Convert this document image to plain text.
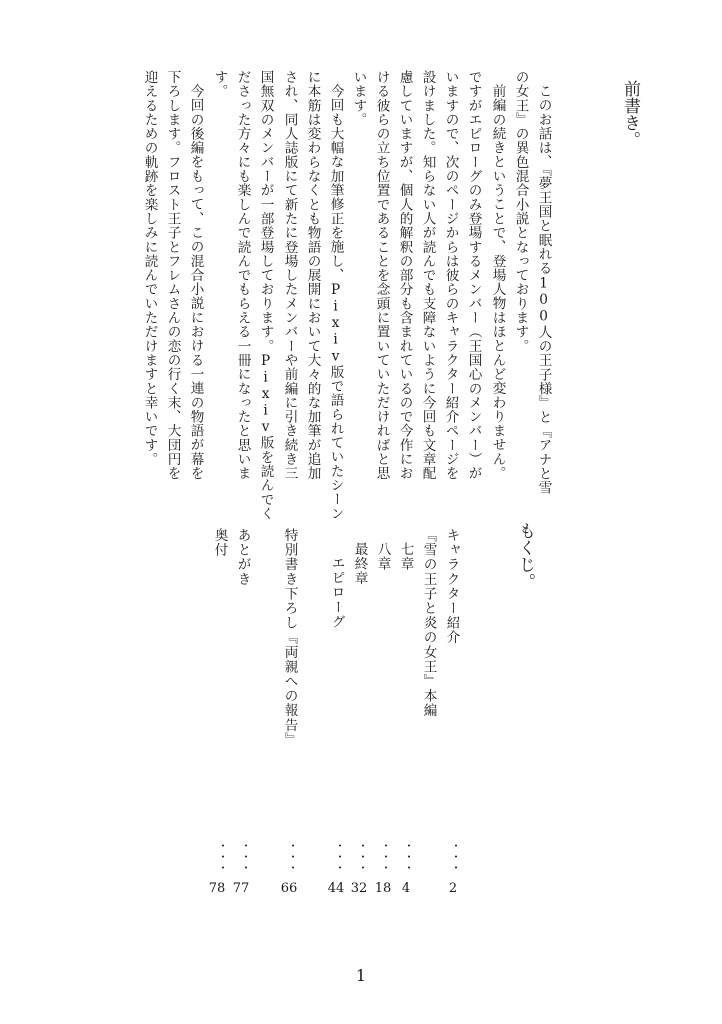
前書き。
このお話は、『夢王国と眠れる100人の王子様』と『アナと雪
の女王』の異色混合小説となっております。
前編の続きということで、登場人物はほとんど変わりません。
ですがエピローグのみ登場するメンバー（王国心のメンバー）が
いますので、次のページからは彼らのキャラクター紹介ページを
設けました。知らない人が読んでも支障ないように今回も文章配
慮していますが、個人的解釈の部分も含まれているので今作にお
ける彼らの立ち位置であることを念頭に置いていただければと思
います。
今回も大幅な加筆修正を施し、Pixiv版で語られていたシーン
に本筋は変わらなくとも物語の展開において大々的な加筆が追加
され、同人誌版にて新たに登場したメンバーや前編に引き続き三
国無双のメンバーが一部登場しております。Pixiv版を読んでく
ださった方々にも楽しんで読んでもらえる一冊になったと思いま
す。
今回の後編をもって、この混合小説における一連の物語が幕を
下ろします。フロスト王子とフレムさんの恋の行く末、大団円を
迎えるための軌跡を楽しみに読んでいただけますと幸いです。
もくじ。
キャラクター紹介
『雪の王子と炎の女王』本編
七章
八章
最終章
エピローグ
特別書き下ろし『両親への報告』
あとがき
奥付
・・・
・・・
・・・
・・・
・・・
・・・
・・・
・・・
2
4
18
32
44
66
77
78
1
